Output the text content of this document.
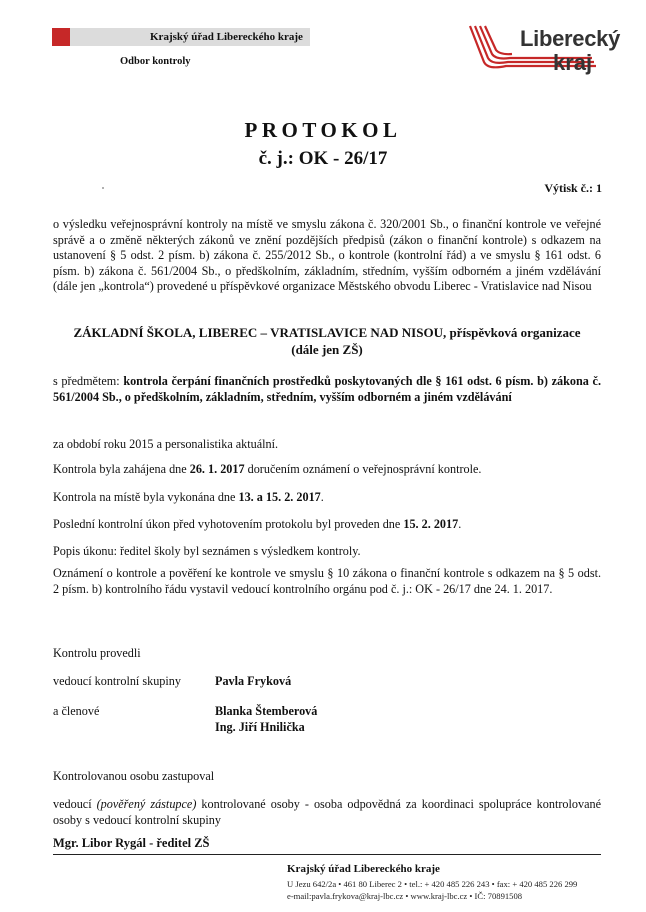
Krajský úřad Libereckého kraje
Odbor kontroly
Liberecký
kraj
PROTOKOL
č. j.: OK - 26/17
Výtisk č.: 1
o výsledku veřejnosprávní kontroly na místě ve smyslu zákona č. 320/2001 Sb., o finanční kontrole ve veřejné správě a o změně některých zákonů ve znění pozdějších předpisů (zákon o finanční kontrole) s odkazem na ustanovení § 5 odst. 2 písm. b) zákona č. 255/2012 Sb., o kontrole (kontrolní řád) a ve smyslu § 161 odst. 6 písm. b) zákona č. 561/2004 Sb., o předškolním, základním, středním, vyšším odborném a jiném vzdělávání (dále jen „kontrola“) provedené u příspěvkové organizace Městského obvodu Liberec - Vratislavice nad Nisou
ZÁKLADNÍ ŠKOLA, LIBEREC – VRATISLAVICE NAD NISOU, příspěvková organizace
(dále jen ZŠ)
s předmětem: kontrola čerpání finančních prostředků poskytovaných dle § 161 odst. 6 písm. b) zákona č. 561/2004 Sb., o předškolním, základním, středním, vyšším odborném a jiném vzdělávání
za období roku 2015 a personalistika aktuální.
Kontrola byla zahájena dne 26. 1. 2017 doručením oznámení o veřejnosprávní kontrole.
Kontrola na místě byla vykonána dne 13. a 15. 2. 2017.
Poslední kontrolní úkon před vyhotovením protokolu byl proveden dne 15. 2. 2017.
Popis úkonu: ředitel školy byl seznámen s výsledkem kontroly.
Oznámení o kontrole a pověření ke kontrole ve smyslu § 10 zákona o finanční kontrole s odkazem na § 5 odst. 2 písm. b) kontrolního řádu vystavil vedoucí kontrolního orgánu pod č. j.: OK - 26/17 dne 24. 1. 2017.
Kontrolu provedli
vedoucí kontrolní skupiny	Pavla Fryková
a členové	Blanka Štemberová
Ing. Jiří Hnilička
Kontrolovanou osobu zastupoval
vedoucí (pověřený zástupce) kontrolované osoby - osoba odpovědná za koordinaci spolupráce kontrolované osoby s vedoucí kontrolní skupiny
Mgr. Libor Rygál - ředitel ZŠ
Krajský úřad Libereckého kraje
U Jezu 642/2a • 461 80 Liberec 2 • tel.: + 420 485 226 243 • fax: + 420 485 226 299
e-mail:pavla.frykova@kraj-lbc.cz • www.kraj-lbc.cz • IČ: 70891508
